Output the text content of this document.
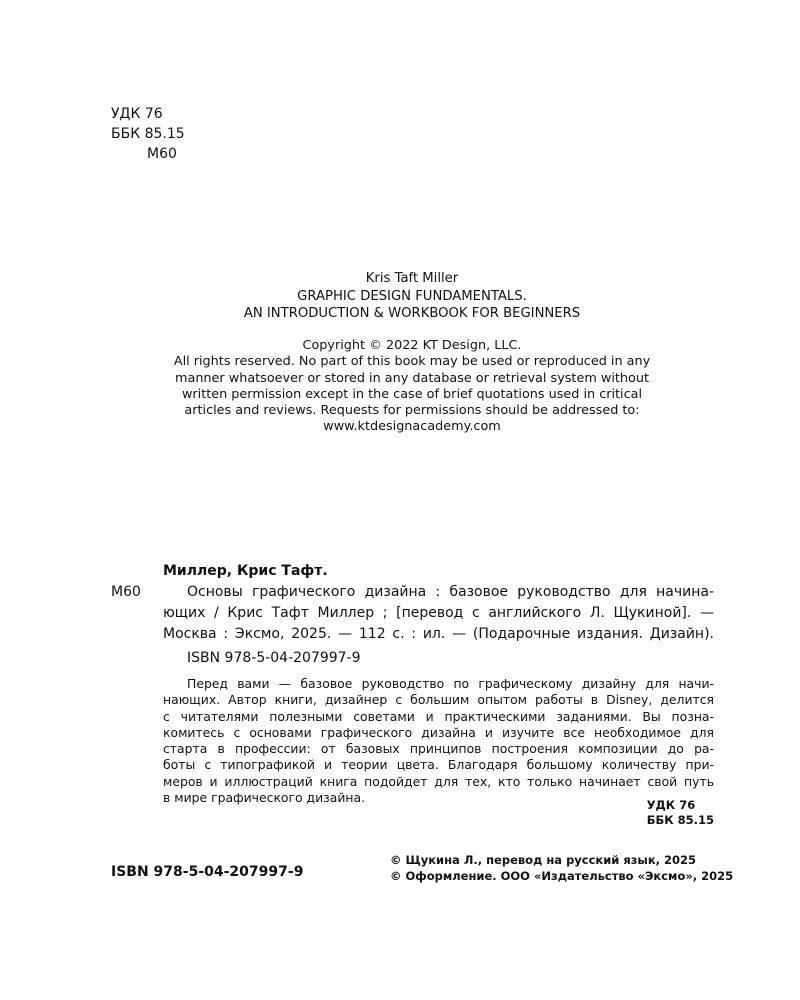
УДК 76
ББК 85.15
М60
Kris Taft Miller
GRAPHIC DESIGN FUNDAMENTALS.
AN INTRODUCTION & WORKBOOK FOR BEGINNERS
Copyright © 2022 KT Design, LLC.
All rights reserved. No part of this book may be used or reproduced in any
manner whatsoever or stored in any database or retrieval system without
written permission except in the case of brief quotations used in critical
articles and reviews. Requests for permissions should be addressed to:
www.ktdesignacademy.com
Миллер, Крис Тафт.
М60	Основы графического дизайна : базовое руководство для начина-
ющих / Крис Тафт Миллер ; [перевод с английского Л. Щукиной]. —
Москва : Эксмо, 2025. — 112 с. : ил. — (Подарочные издания. Дизайн).
ISBN 978-5-04-207997-9
Перед вами — базовое руководство по графическому дизайну для начи-
нающих. Автор книги, дизайнер с большим опытом работы в Disney, делится
с читателями полезными советами и практическими заданиями. Вы позна-
комитесь с основами графического дизайна и изучите все необходимое для
старта в профессии: от базовых принципов построения композиции до ра-
боты с типографикой и теории цвета. Благодаря большому количеству при-
меров и иллюстраций книга подойдет для тех, кто только начинает свой путь
в мире графического дизайна.	УДК 76
ББК 85.15
ISBN 978-5-04-207997-9
© Щукина Л., перевод на русский язык, 2025
© Оформление. ООО «Издательство «Эксмо», 2025
